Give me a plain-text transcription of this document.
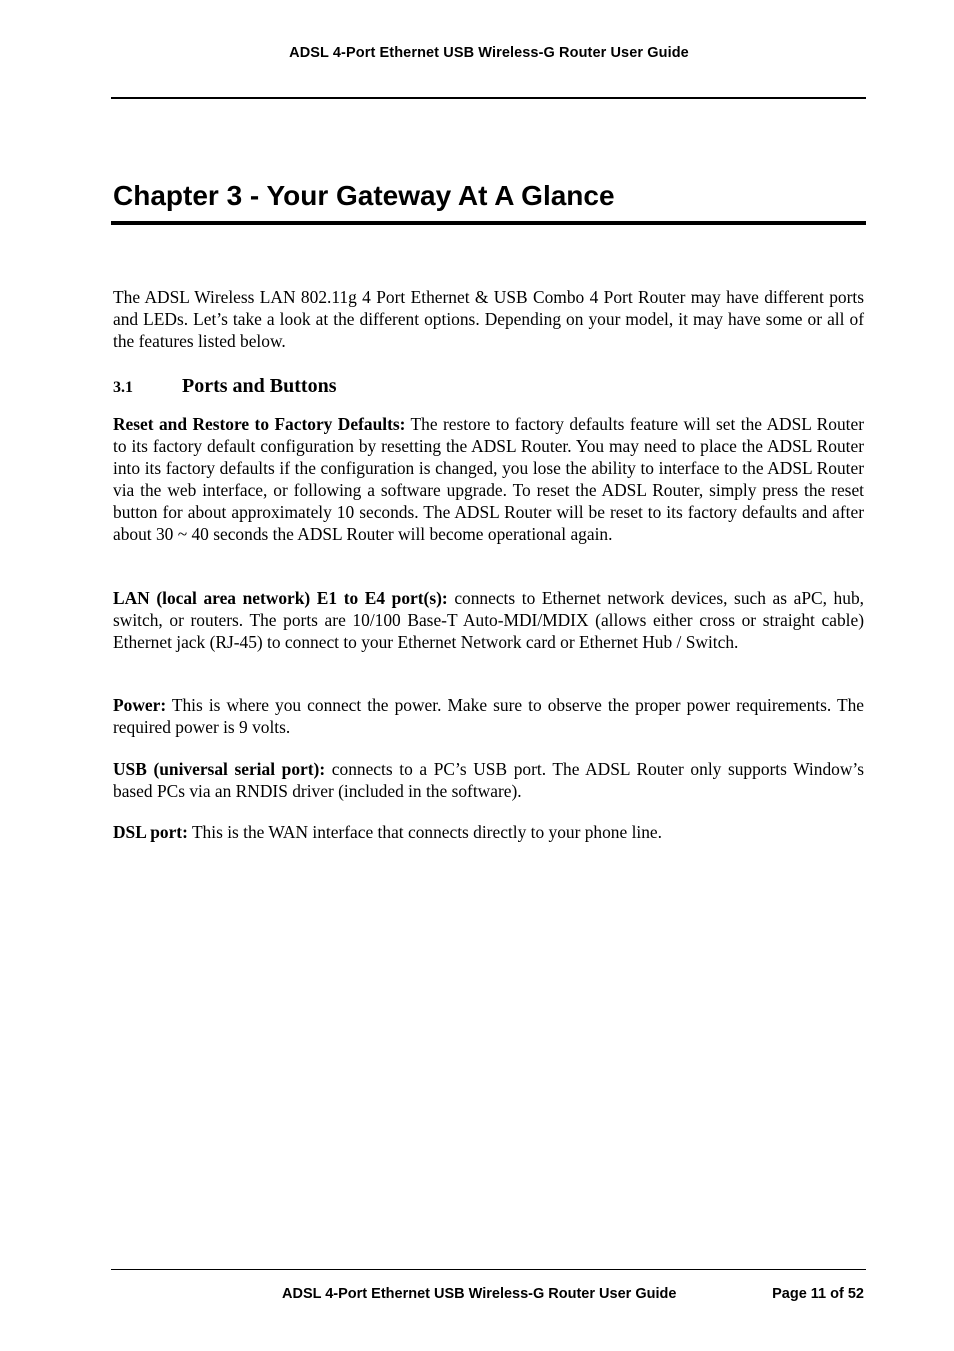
ADSL 4-Port Ethernet USB Wireless-G Router User Guide
Chapter 3 - Your Gateway At A Glance

The ADSL Wireless LAN 802.11g 4 Port Ethernet & USB Combo 4 Port Router may have different ports and LEDs. Let’s take a look at the different options. Depending on your model, it may have some or all of the features listed below.

3.1 Ports and Buttons

Reset and Restore to Factory Defaults: The restore to factory defaults feature will set the ADSL Router to its factory default configuration by resetting the ADSL Router. You may need to place the ADSL Router into its factory defaults if the configuration is changed, you lose the ability to interface to the ADSL Router via the web interface, or following a software upgrade. To reset the ADSL Router, simply press the reset button for about approximately 10 seconds. The ADSL Router will be reset to its factory defaults and after about 30 ~ 40 seconds the ADSL Router will become operational again.

LAN (local area network) E1 to E4 port(s): connects to Ethernet network devices, such as aPC, hub, switch, or routers. The ports are 10/100 Base-T Auto-MDI/MDIX (allows either cross or straight cable) Ethernet jack (RJ-45) to connect to your Ethernet Network card or Ethernet Hub / Switch.

Power: This is where you connect the power. Make sure to observe the proper power requirements. The required power is 9 volts.

USB (universal serial port): connects to a PC’s USB port. The ADSL Router only supports Window’s based PCs via an RNDIS driver (included in the software).

DSL port: This is the WAN interface that connects directly to your phone line.

ADSL 4-Port Ethernet USB Wireless-G Router User Guide	Page 11 of 52
